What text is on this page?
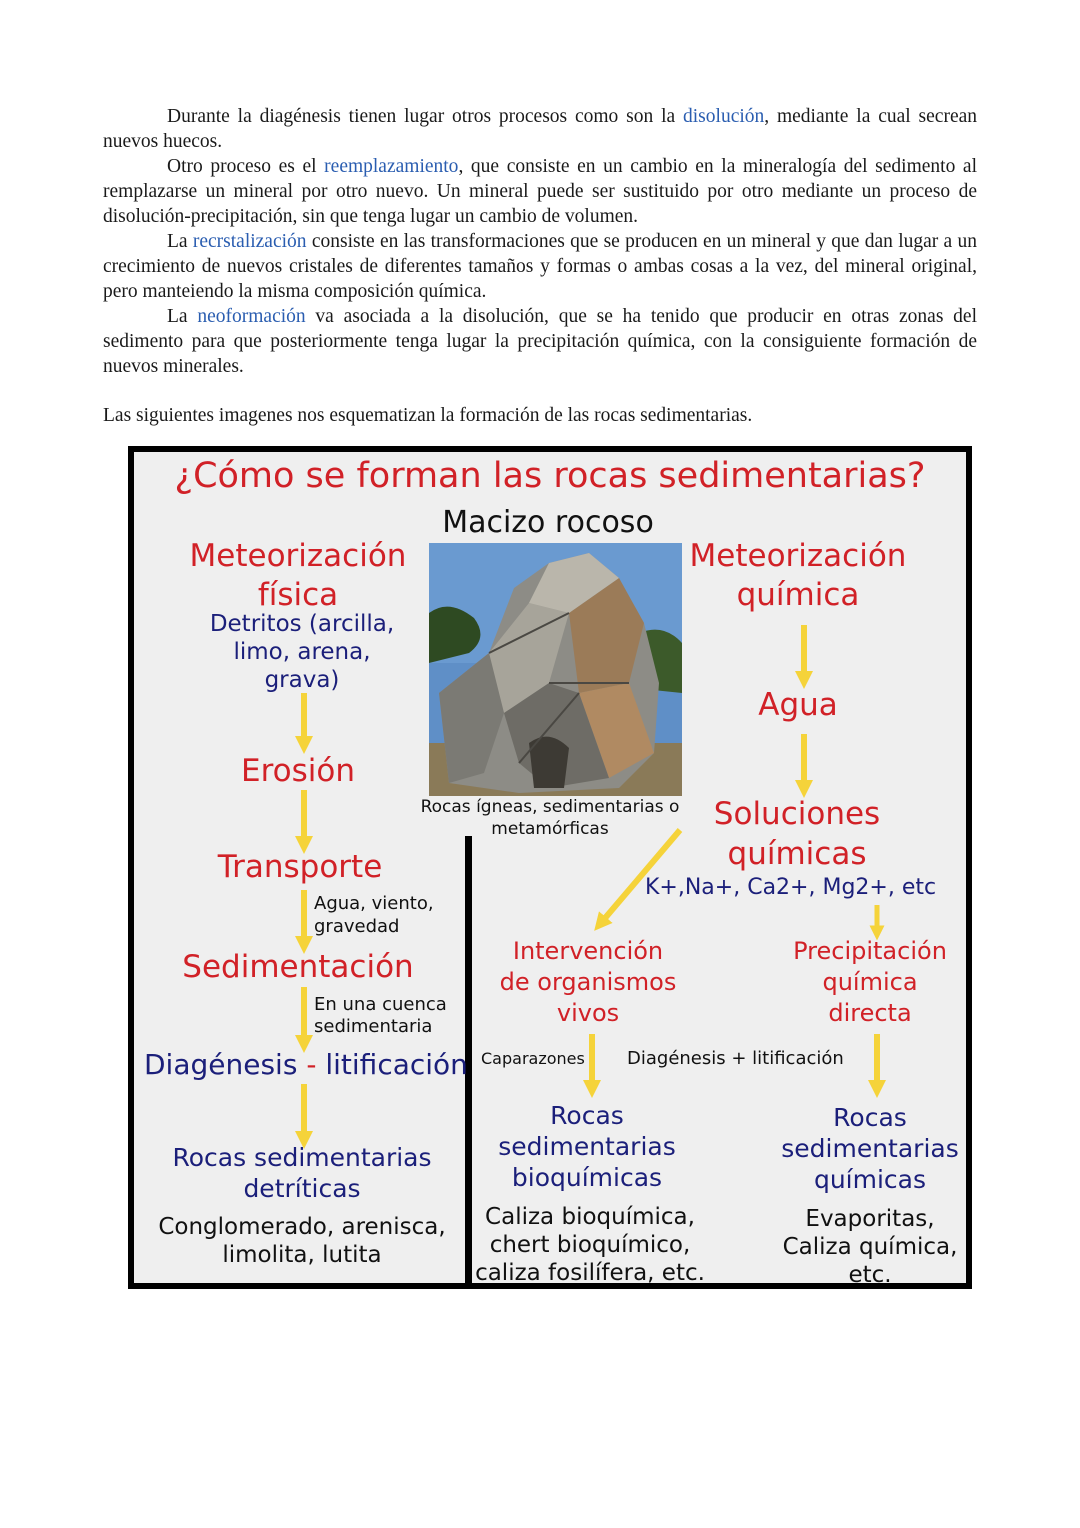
Durante la diagénesis tienen lugar otros procesos como son la disolución, mediante la cual secrean nuevos huecos.

Otro proceso es el reemplazamiento, que consiste en un cambio en la mineralogía del sedimento al remplazarse un mineral por otro nuevo. Un mineral puede ser sustituido por otro mediante un proceso de disolución-precipitación, sin que tenga lugar un cambio de volumen.

La recrstalización consiste en las transformaciones que se producen en un mineral y que dan lugar a un crecimiento de nuevos cristales de diferentes tamaños y formas o ambas cosas a la vez, del mineral original, pero manteiendo la misma composición química.

La neoformación va asociada a la disolución, que se ha tenido que producir en otras zonas del sedimento para que posteriormente tenga lugar la precipitación química, con la consiguiente formación de nuevos minerales.

Las siguientes imagenes nos esquematizan la formación de las rocas sedimentarias.
¿Cómo se forman las rocas sedimentarias?
Macizo rocoso
Meteorización
física
Detritos (arcilla,
limo, arena,
grava)
Erosión
Transporte
Agua, viento,
gravedad
Sedimentación
En una cuenca
sedimentaria
Diagénesis - litificación
Rocas sedimentarias
detríticas
Conglomerado, arenisca,
limolita, lutita
Rocas ígneas, sedimentarias o
metamórficas
Meteorización
química
Agua
Soluciones
químicas
K+,Na+, Ca2+, Mg2+, etc
Intervención
de organismos
vivos
Precipitación
química
directa
Caparazones Diagénesis + litificación
Rocas
sedimentarias
bioquímicas
Caliza bioquímica,
chert bioquímico,
caliza fosilífera, etc.
Rocas
sedimentarias
químicas
Evaporitas,
Caliza química,
etc.
